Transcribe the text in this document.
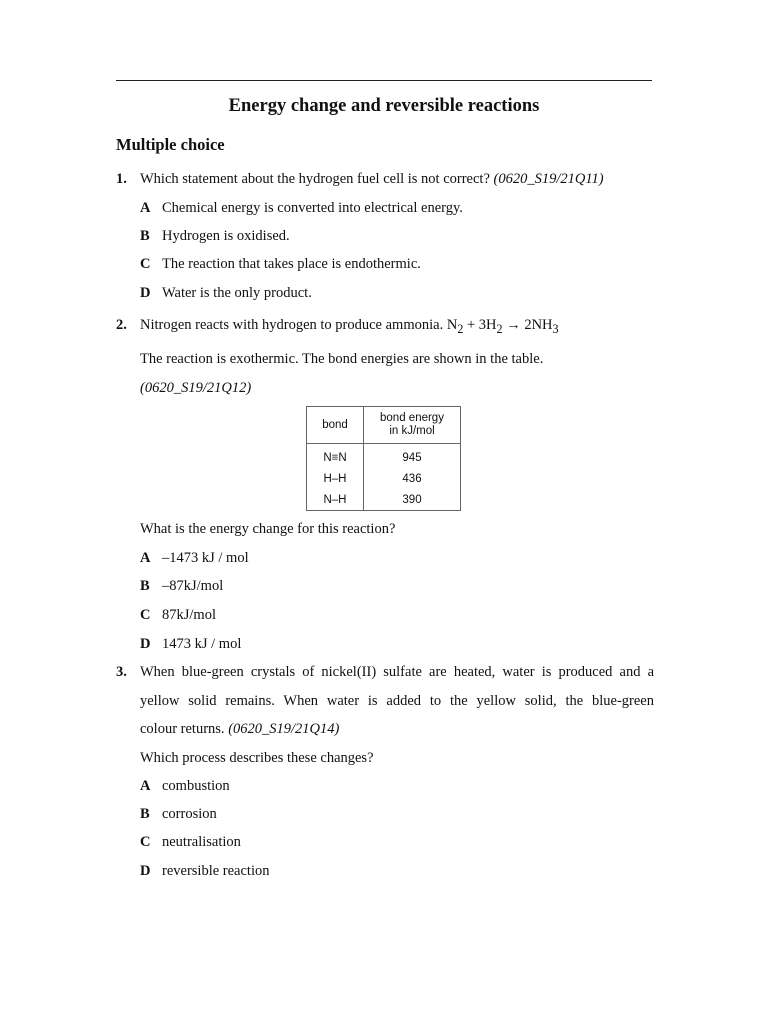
Energy change and reversible reactions
Multiple choice
1. Which statement about the hydrogen fuel cell is not correct? (0620_S19/21Q11)
A Chemical energy is converted into electrical energy.
B Hydrogen is oxidised.
C The reaction that takes place is endothermic.
D Water is the only product.
2. Nitrogen reacts with hydrogen to produce ammonia. $N_2 + 3H_2 \to 2NH_3$
The reaction is exothermic. The bond energies are shown in the table.
(0620_S19/21Q12)
bond	bond energy
in kJ/mol
N≡N	945
H–H	436
N–H	390
What is the energy change for this reaction?
A –1473 kJ / mol
B –87kJ/mol
C 87kJ/mol
D 1473 kJ / mol
3. When blue-green crystals of nickel(II) sulfate are heated, water is produced and a
yellow solid remains. When water is added to the yellow solid, the blue-green
colour returns. (0620_S19/21Q14)
Which process describes these changes?
A combustion
B corrosion
C neutralisation
D reversible reaction
